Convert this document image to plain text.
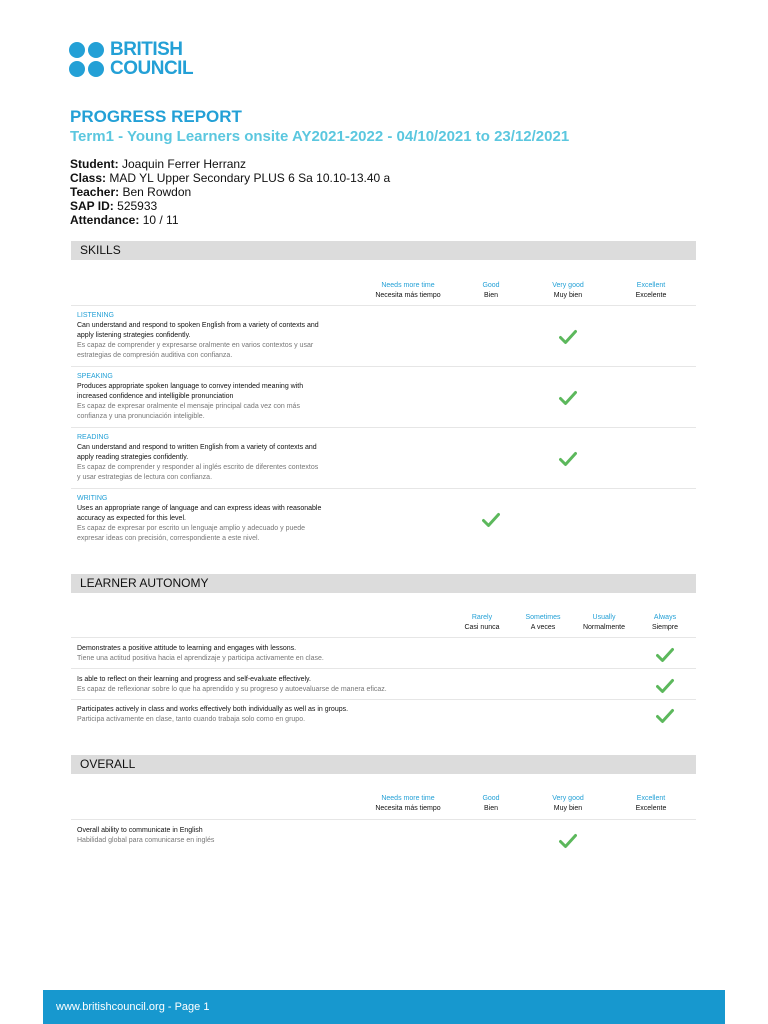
BRITISH
COUNCIL
PROGRESS REPORT
Term1 - Young Learners onsite AY2021-2022 - 04/10/2021 to 23/12/2021
Student: Joaquin Ferrer Herranz
Class: MAD YL Upper Secondary PLUS 6 Sa 10.10-13.40 a
Teacher: Ben Rowdon
SAP ID: 525933
Attendance: 10 / 11
SKILLS
Needs more time
Necesita más tiempo
Good
Bien
Very good
Muy bien
Excellent
Excelente
LISTENING
Can understand and respond to spoken English from a variety of contexts and
apply listening strategies confidently.
Es capaz de comprender y expresarse oralmente en varios contextos y usar
estrategias de compresión auditiva con confianza.
SPEAKING
Produces appropriate spoken language to convey intended meaning with
increased confidence and intelligible pronunciation
Es capaz de expresar oralmente el mensaje principal cada vez con más
confianza y una pronunciación inteligible.
READING
Can understand and respond to written English from a variety of contexts and
apply reading strategies confidently.
Es capaz de comprender y responder al inglés escrito de diferentes contextos
y usar estrategias de lectura con confianza.
WRITING
Uses an appropriate range of language and can express ideas with reasonable
accuracy as expected for this level.
Es capaz de expresar por escrito un lenguaje amplio y adecuado y puede
expresar ideas con precisión, correspondiente a este nivel.
LEARNER AUTONOMY
Rarely
Casi nunca
Sometimes
A veces
Usually
Normalmente
Always
Siempre
Demonstrates a positive attitude to learning and engages with lessons.
Tiene una actitud positiva hacia el aprendizaje y participa activamente en clase.
Is able to reflect on their learning and progress and self-evaluate effectively.
Es capaz de reflexionar sobre lo que ha aprendido y su progreso y autoevaluarse de manera eficaz.
Participates actively in class and works effectively both individually as well as in groups.
Participa activamente en clase, tanto cuando trabaja solo como en grupo.
OVERALL
Needs more time
Necesita más tiempo
Good
Bien
Very good
Muy bien
Excellent
Excelente
Overall ability to communicate in English
Habilidad global para comunicarse en inglés
www.britishcouncil.org - Page 1
